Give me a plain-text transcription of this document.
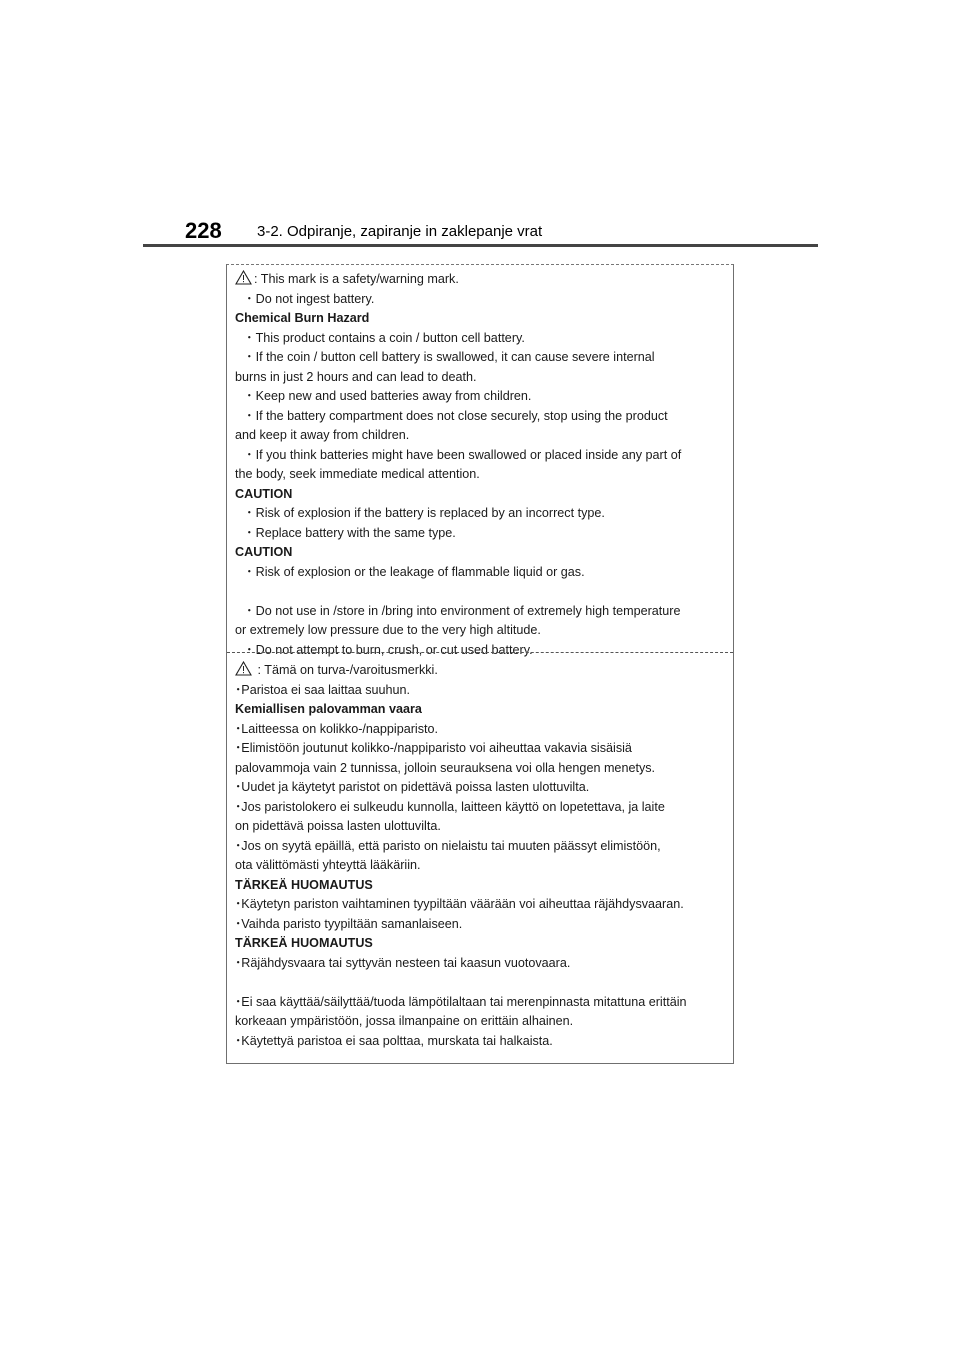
228 3-2. Odpiranje, zapiranje in zaklepanje vrat
: This mark is a safety/warning mark.
・Do not ingest battery.
Chemical Burn Hazard
・This product contains a coin / button cell battery.
・If the coin / button cell battery is swallowed, it can cause severe internal
burns in just 2 hours and can lead to death.
・Keep new and used batteries away from children.
・If the battery compartment does not close securely, stop using the product
and keep it away from children.
・If you think batteries might have been swallowed or placed inside any part of
the body, seek immediate medical attention.
CAUTION
・Risk of explosion if the battery is replaced by an incorrect type.
・Replace battery with the same type.
CAUTION
・Risk of explosion or the leakage of flammable liquid or gas.
・Do not use in /store in /bring into environment of extremely high temperature
or extremely low pressure due to the very high altitude.
・Do not attempt to burn, crush, or cut used battery.
: Tämä on turva-/varoitusmerkki.
･Paristoa ei saa laittaa suuhun.
Kemiallisen palovamman vaara
･Laitteessa on kolikko-/nappiparisto.
･Elimistöön joutunut kolikko-/nappiparisto voi aiheuttaa vakavia sisäisiä
palovammoja vain 2 tunnissa, jolloin seurauksena voi olla hengen menetys.
･Uudet ja käytetyt paristot on pidettävä poissa lasten ulottuvilta.
･Jos paristolokero ei sulkeudu kunnolla, laitteen käyttö on lopetettava, ja laite
on pidettävä poissa lasten ulottuvilta.
･Jos on syytä epäillä, että paristo on nielaistu tai muuten päässyt elimistöön,
ota välittömästi yhteyttä lääkäriin.
TÄRKEÄ HUOMAUTUS
･Käytetyn pariston vaihtaminen tyypiltään väärään voi aiheuttaa räjähdysvaaran.
･Vaihda paristo tyypiltään samanlaiseen.
TÄRKEÄ HUOMAUTUS
･Räjähdysvaara tai syttyvän nesteen tai kaasun vuotovaara.
･Ei saa käyttää/säilyttää/tuoda lämpötilaltaan tai merenpinnasta mitattuna erittäin
korkeaan ympäristöön, jossa ilmanpaine on erittäin alhainen.
･Käytettyä paristoa ei saa polttaa, murskata tai halkaista.
